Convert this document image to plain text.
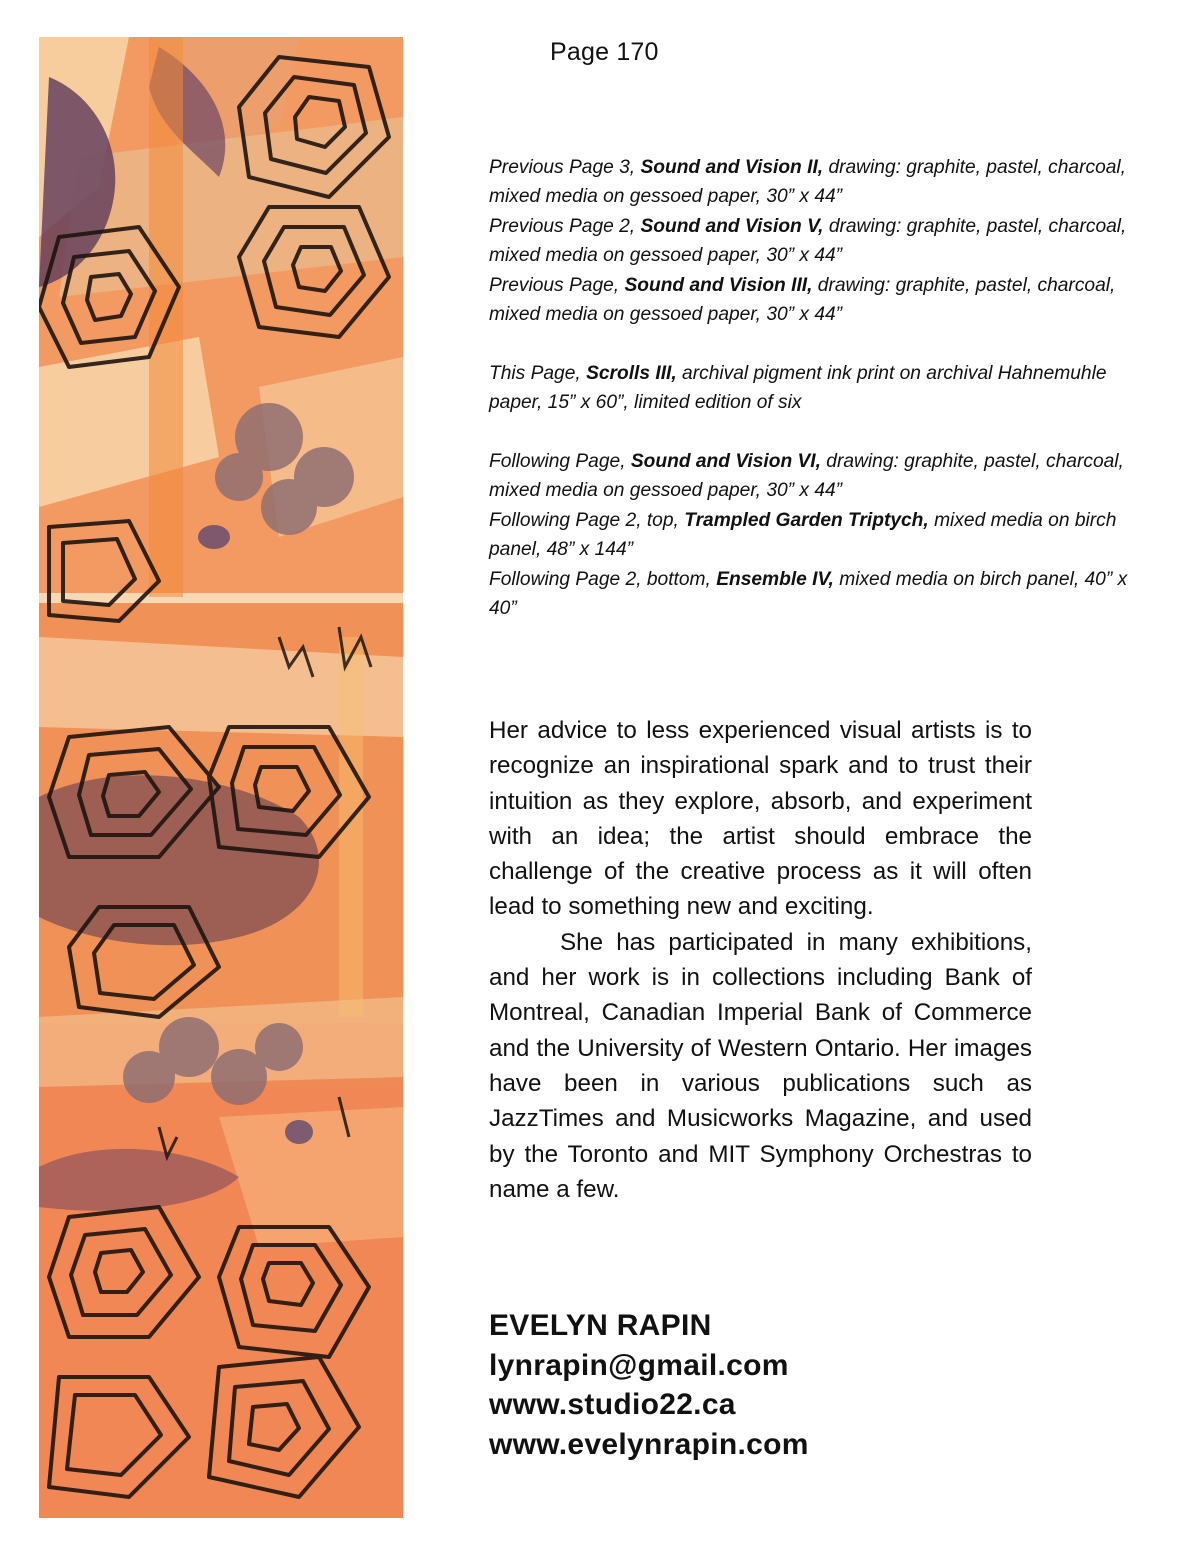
Page 170

Previous Page 3, Sound and Vision II, drawing: graphite, pastel, charcoal, mixed media on gessoed paper, 30” x 44”

Previous Page 2, Sound and Vision V, drawing: graphite, pastel, charcoal, mixed media on gessoed paper, 30” x 44”

Previous Page, Sound and Vision III, drawing: graphite, pastel, charcoal, mixed media on gessoed paper, 30” x 44”

This Page, Scrolls III, archival pigment ink print on archival Hahnemuhle paper, 15” x 60”, limited edition of six

Following Page, Sound and Vision VI, drawing: graphite, pastel, charcoal, mixed media on gessoed paper, 30” x 44”

Following Page 2, top, Trampled Garden Triptych, mixed media on birch panel, 48” x 144”

Following Page 2, bottom, Ensemble IV, mixed media on birch panel, 40” x 40”

Her advice to less experienced visual artists is to recognize an inspirational spark and to trust their intuition as they explore, absorb, and experiment with an idea; the artist should embrace the challenge of the creative process as it will often lead to something new and exciting.

She has participated in many exhibitions, and her work is in collections including Bank of Montreal, Canadian Imperial Bank of Commerce and the University of Western Ontario. Her images have been in various publications such as JazzTimes and Musicworks Magazine, and used by the Toronto and MIT Symphony Orchestras to name a few.

EVELYN RAPIN
lynrapin@gmail.com
www.studio22.ca
www.evelynrapin.com
